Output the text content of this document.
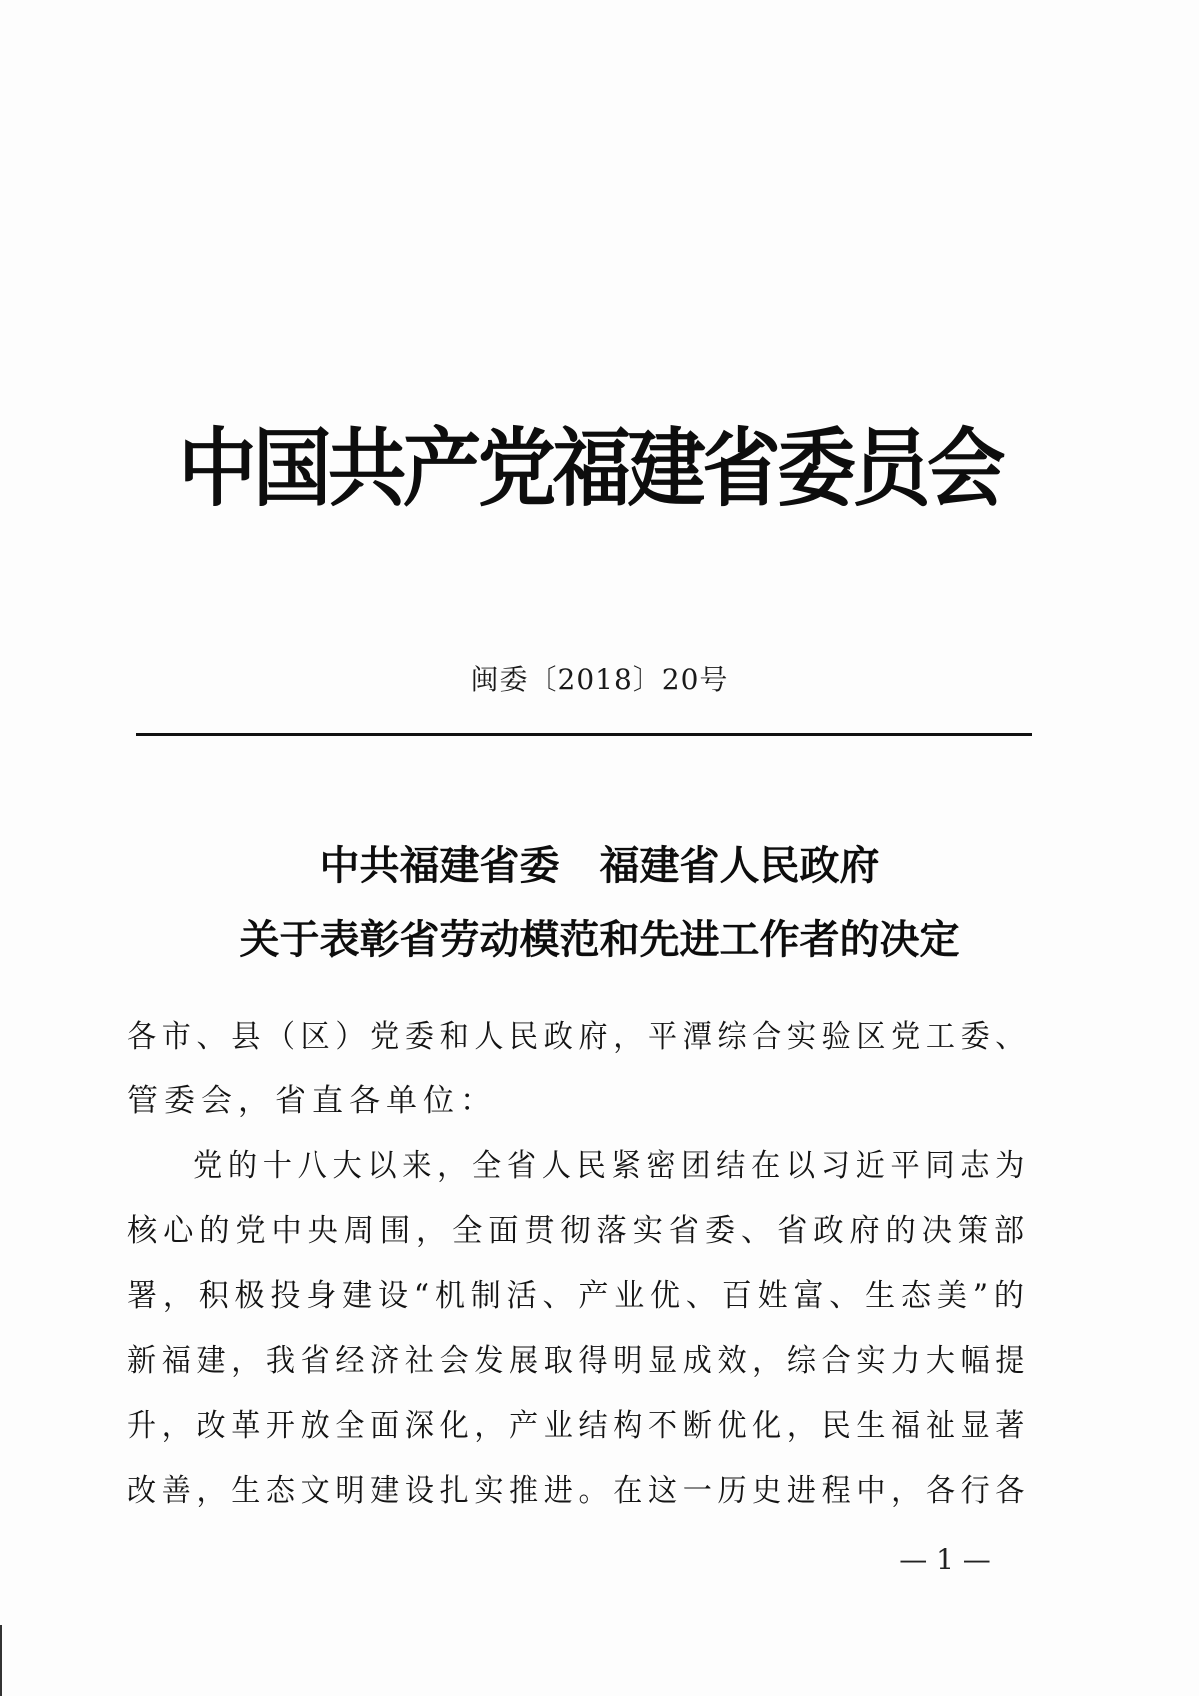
中国共产党福建省委员会
闽委〔2018〕20号
中共福建省委　福建省人民政府
关于表彰省劳动模范和先进工作者的决定
各市、县（区）党委和人民政府，平潭综合实验区党工委、
管委会，省直各单位：
党的十八大以来，全省人民紧密团结在以习近平同志为
核心的党中央周围，全面贯彻落实省委、省政府的决策部
署，积极投身建设“机制活、产业优、百姓富、生态美”的
新福建，我省经济社会发展取得明显成效，综合实力大幅提
升，改革开放全面深化，产业结构不断优化，民生福祉显著
改善，生态文明建设扎实推进。在这一历史进程中，各行各
— 1 —
